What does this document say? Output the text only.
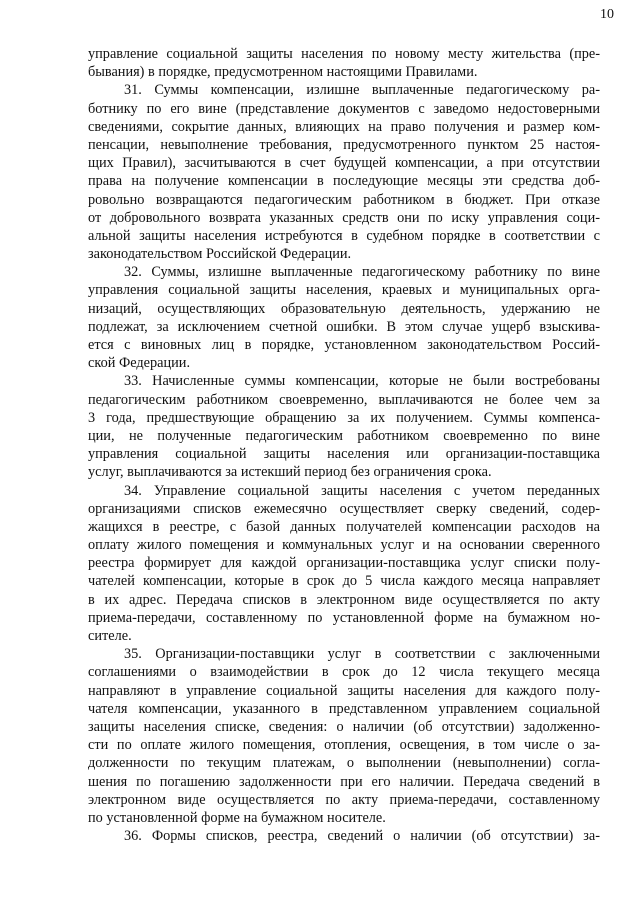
10
управление социальной защиты населения по новому месту жительства (пре-
бывания) в порядке, предусмотренном настоящими Правилами.
31. Суммы компенсации, излишне выплаченные педагогическому ра-
ботнику по его вине (представление документов с заведомо недостоверными
сведениями, сокрытие данных, влияющих на право получения и размер ком-
пенсации, невыполнение требования, предусмотренного пунктом 25 настоя-
щих Правил), засчитываются в счет будущей компенсации, а при отсутствии
права на получение компенсации в последующие месяцы эти средства доб-
ровольно возвращаются педагогическим работником в бюджет. При отказе
от добровольного возврата указанных средств они по иску управления соци-
альной защиты населения истребуются в судебном порядке в соответствии с
законодательством Российской Федерации.
32. Суммы, излишне выплаченные педагогическому работнику по вине
управления социальной защиты населения, краевых и муниципальных орга-
низаций, осуществляющих образовательную деятельность, удержанию не
подлежат, за исключением счетной ошибки. В этом случае ущерб взыскива-
ется с виновных лиц в порядке, установленном законодательством Россий-
ской Федерации.
33. Начисленные суммы компенсации, которые не были востребованы
педагогическим работником своевременно, выплачиваются не более чем за
3 года, предшествующие обращению за их получением. Суммы компенса-
ции, не полученные педагогическим работником своевременно по вине
управления социальной защиты населения или организации-поставщика
услуг, выплачиваются за истекший период без ограничения срока.
34. Управление социальной защиты населения с учетом переданных
организациями списков ежемесячно осуществляет сверку сведений, содер-
жащихся в реестре, с базой данных получателей компенсации расходов на
оплату жилого помещения и коммунальных услуг и на основании сверенного
реестра формирует для каждой организации-поставщика услуг списки полу-
чателей компенсации, которые в срок до 5 числа каждого месяца направляет
в их адрес. Передача списков в электронном виде осуществляется по акту
приема-передачи, составленному по установленной форме на бумажном но-
сителе.
35. Организации-поставщики услуг в соответствии с заключенными
соглашениями о взаимодействии в срок до 12 числа текущего месяца
направляют в управление социальной защиты населения для каждого полу-
чателя компенсации, указанного в представленном управлением социальной
защиты населения списке, сведения: о наличии (об отсутствии) задолженно-
сти по оплате жилого помещения, отопления, освещения, в том числе о за-
долженности по текущим платежам, о выполнении (невыполнении) согла-
шения по погашению задолженности при его наличии. Передача сведений в
электронном виде осуществляется по акту приема-передачи, составленному
по установленной форме на бумажном носителе.
36. Формы списков, реестра, сведений о наличии (об отсутствии) за-
